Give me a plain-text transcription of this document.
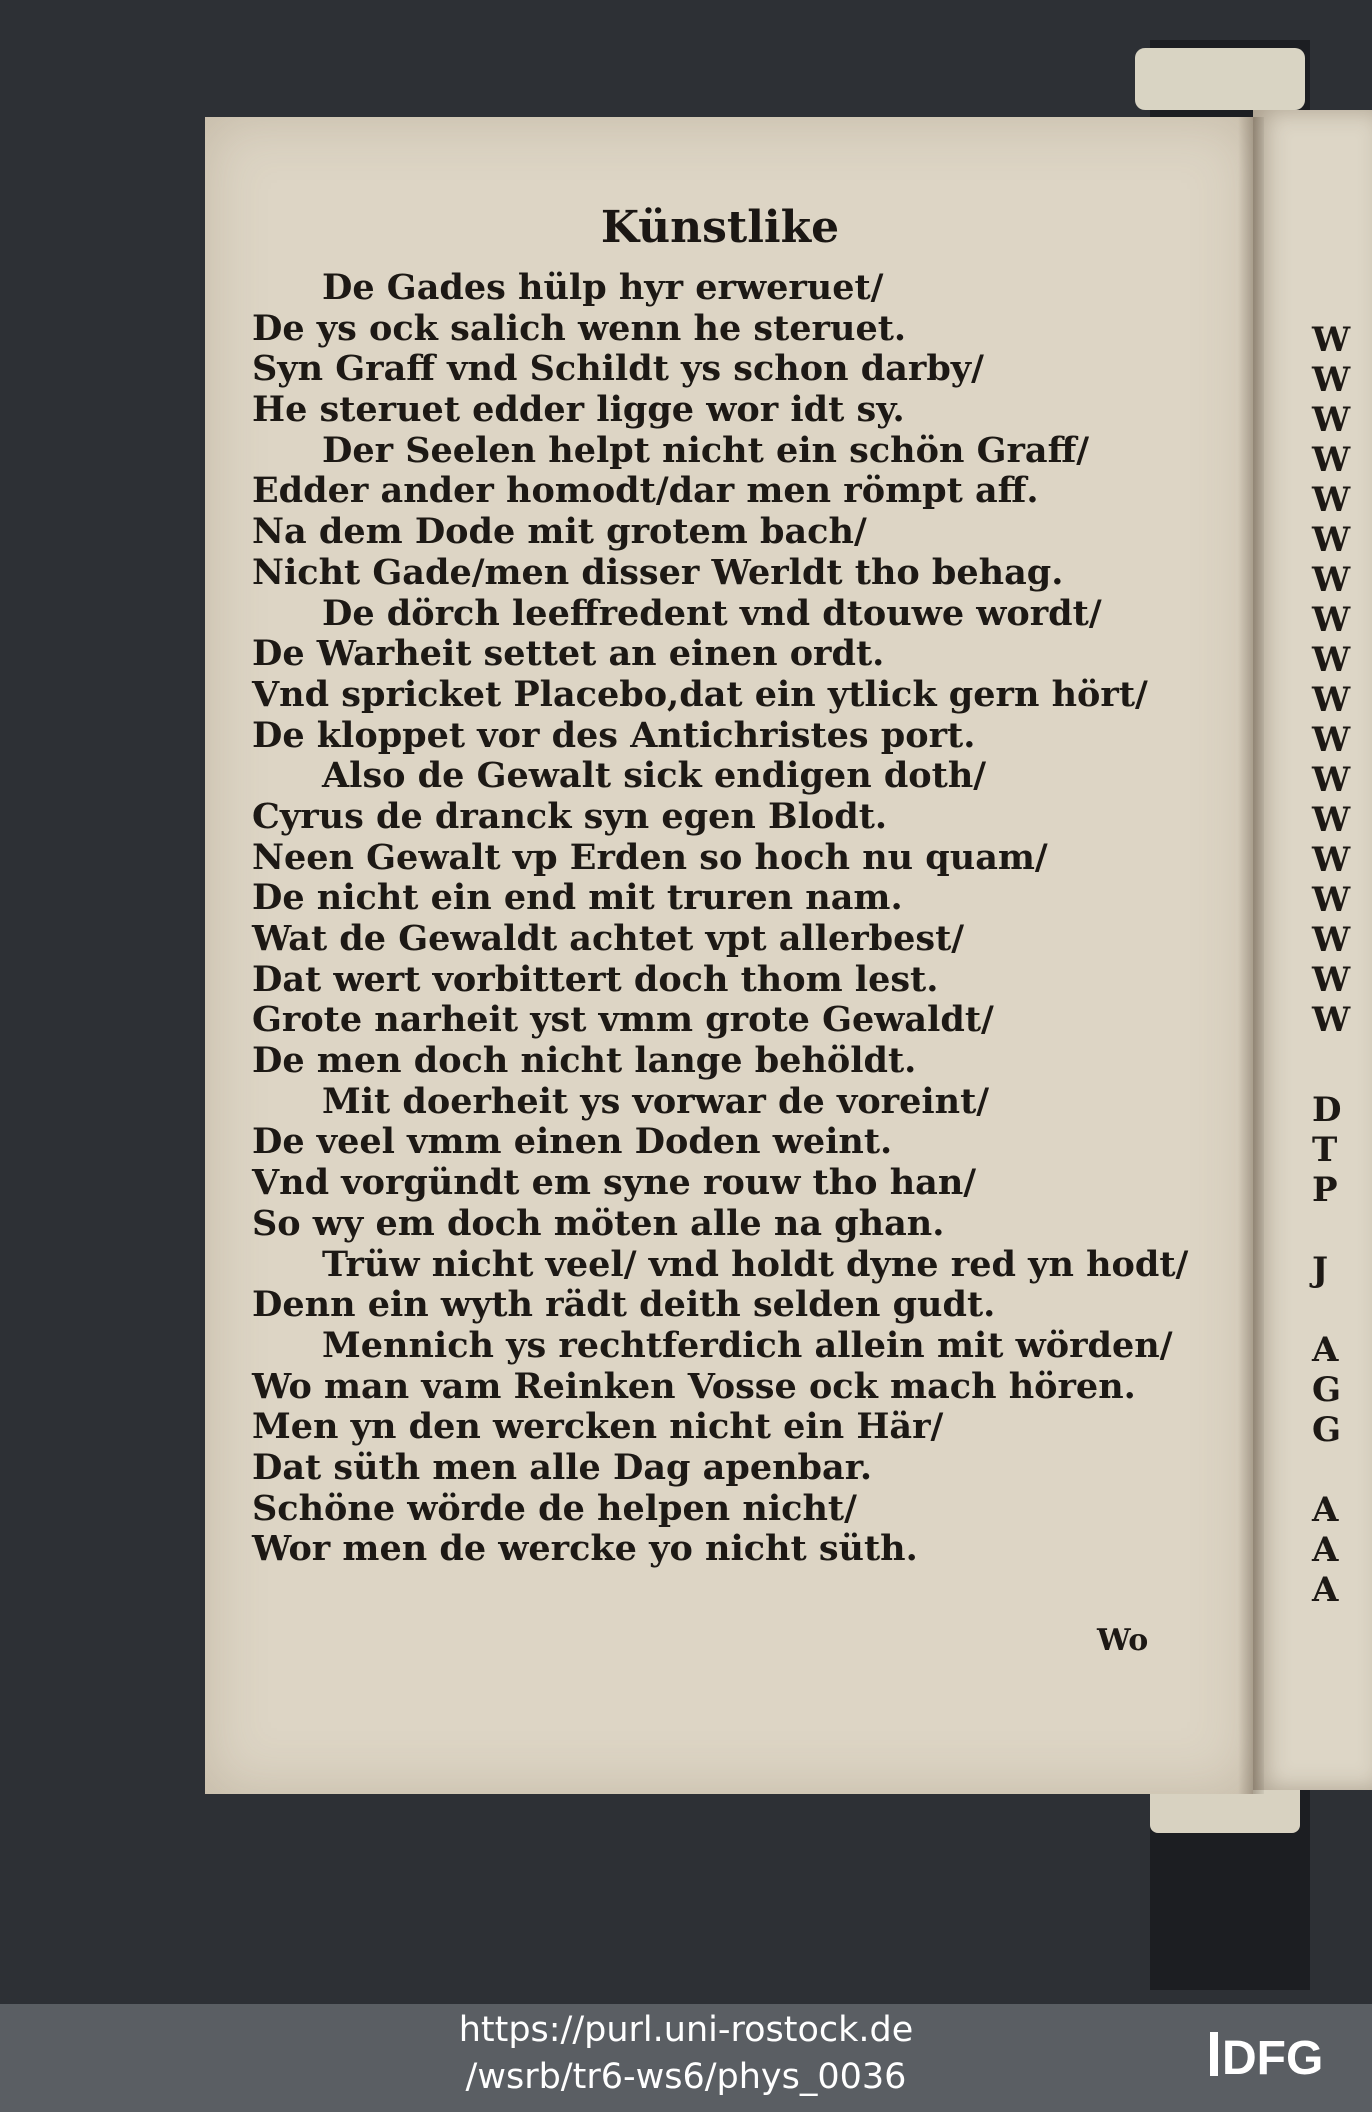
Künstlike
De Gades hülp hyr erweruet/
De ys ock salich wenn he steruet.
Syn Graff vnd Schildt ys schon darby/
He steruet edder ligge wor idt sy.
Der Seelen helpt nicht ein schön Graff/
Edder ander homodt/dar men römpt aff.
Na dem Dode mit grotem bach/
Nicht Gade/men disser Werldt tho behag.
De dörch leeffredent vnd dtouwe wordt/
De Warheit settet an einen ordt.
Vnd spricket Placebo,dat ein ytlick gern hört/
De kloppet vor des Antichristes port.
Also de Gewalt sick endigen doth/
Cyrus de dranck syn egen Blodt.
Neen Gewalt vp Erden so hoch nu quam/
De nicht ein end mit truren nam.
Wat de Gewaldt achtet vpt allerbest/
Dat wert vorbittert doch thom lest.
Grote narheit yst vmm grote Gewaldt/
De men doch nicht lange behöldt.
Mit doerheit ys vorwar de voreint/
De veel vmm einen Doden weint.
Vnd vorgündt em syne rouw tho han/
So wy em doch möten alle na ghan.
Trüw nicht veel/ vnd holdt dyne red yn hodt/
Denn ein wyth rädt deith selden gudt.
Mennich ys rechtferdich allein mit wörden/
Wo man vam Reinken Vosse ock mach hören.
Men yn den wercken nicht ein Här/
Dat süth men alle Dag apenbar.
Schöne wörde de helpen nicht/
Wor men de wercke yo nicht süth.
Wo
W
W
W
W
W
W
W
W
W
W
W
W
W
W
W
W
W
W
D
T
P
J
A
G
G
A
A
A
https://purl.uni-rostock.de
/wsrb/tr6-ws6/phys_0036	DFG
